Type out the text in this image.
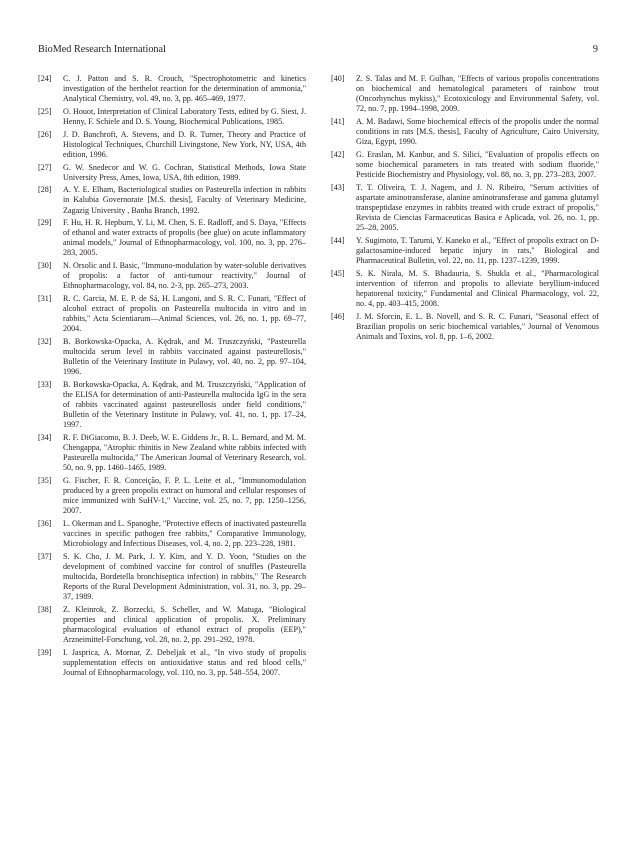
BioMed Research International	9
[24] C. J. Patton and S. R. Crouch, "Spectrophotometric and kinetics investigation of the berthelot reaction for the determination of ammonia," Analytical Chemistry, vol. 49, no. 3, pp. 465–469, 1977.
[25] O. Houot, Interpretation of Clinical Laboratory Tests, edited by G. Siest, J. Henny, F. Schiele and D. S. Young, Biochemical Publications, 1985.
[26] J. D. Banchroft, A. Stevens, and D. R. Turner, Theory and Practice of Histological Techniques, Churchill Livingstone, New York, NY, USA, 4th edition, 1996.
[27] G. W. Snedecor and W. G. Cochran, Statistical Methods, Iowa State University Press, Ames, Iowa, USA, 8th edition, 1989.
[28] A. Y. E. Elham, Bacteriological studies on Pasteurella infection in rabbits in Kalubia Governorate [M.S. thesis], Faculty of Veterinary Medicine, Zagazig University , Banha Branch, 1992.
[29] F. Hu, H. R. Hepburn, Y. Li, M. Chen, S. E. Radloff, and S. Daya, "Effects of ethanol and water extracts of propolis (bee glue) on acute inflammatory animal models," Journal of Ethnopharmacology, vol. 100, no. 3, pp. 276–283, 2005.
[30] N. Orsolic and I. Basic, "Immuno-modulation by water-soluble derivatives of propolis: a factor of anti-tumour reactivity," Journal of Ethnopharmacology, vol. 84, no. 2-3, pp. 265–273, 2003.
[31] R. C. Garcia, M. E. P. de Sá, H. Langoni, and S. R. C. Funari, "Effect of alcohol extract of propolis on Pasteurella multocida in vitro and in rabbits," Acta Scientiarum—Animal Sciences, vol. 26, no. 1, pp. 69–77, 2004.
[32] B. Borkowska-Opacka, A. Kędrak, and M. Truszczyński, "Pasteurella multocida serum level in rabbits vaccinated against pasteurellosis," Bulletin of the Veterinary Institute in Pulawy, vol. 40, no. 2, pp. 97–104, 1996.
[33] B. Borkowska-Opacka, A. Kędrak, and M. Truszczyński, "Application of the ELISA for determination of anti-Pasteurella multocida IgG in the sera of rabbits vaccinated against pasteurellosis under field conditions," Bulletin of the Veterinary Institute in Pulawy, vol. 41, no. 1, pp. 17–24, 1997.
[34] R. F. DiGiacomo, B. J. Deeb, W. E. Giddens Jr., B. L. Bernard, and M. M. Chengappa, "Atrophic rhinitis in New Zealand white rabbits infected with Pasteurella multocida," The American Journal of Veterinary Research, vol. 50, no. 9, pp. 1460–1465, 1989.
[35] G. Fischer, F. R. Conceição, F. P. L. Leite et al., "Immunomodulation produced by a green propolis extract on humoral and cellular responses of mice immunized with SuHV-1," Vaccine, vol. 25, no. 7, pp. 1250–1256, 2007.
[36] L. Okerman and L. Spanoghe, "Protective effects of inactivated pasteurella vaccines in specific pathogen free rabbits," Comparative Immunology, Microbiology and Infectious Diseases, vol. 4, no. 2, pp. 223–228, 1981.
[37] S. K. Cho, J. M. Park, J. Y. Kim, and Y. D. Yoon, "Studies on the development of combined vaccine for control of snuffles (Pasteurella multocida, Bordetella bronchiseptica infection) in rabbits," The Research Reports of the Rural Development Administration, vol. 31, no. 3, pp. 29–37, 1989.
[38] Z. Kleinrok, Z. Borzecki, S. Scheller, and W. Matuga, "Biological properties and clinical application of propolis. X. Preliminary pharmacological evaluation of ethanol extract of propolis (EEP)," Arzneimittel-Forschung, vol. 28, no. 2, pp. 291–292, 1978.
[39] I. Jasprica, A. Mornar, Z. Debeljak et al., "In vivo study of propolis supplementation effects on antioxidative status and red blood cells," Journal of Ethnopharmacology, vol. 110, no. 3, pp. 548–554, 2007.
[40] Z. S. Talas and M. F. Gulhan, "Effects of various propolis concentrations on biochemical and hematological parameters of rainbow trout (Oncorhynchus mykiss)," Ecotoxicology and Environmental Safety, vol. 72, no. 7, pp. 1994–1998, 2009.
[41] A. M. Badawi, Some biochemical effects of the propolis under the normal conditions in rats [M.S. thesis], Faculty of Agriculture, Cairo University, Giza, Egypt, 1990.
[42] G. Eraslan, M. Kanbur, and S. Silici, "Evaluation of propolis effects on some biochemical parameters in rats treated with sodium fluoride," Pesticide Biochemistry and Physiology, vol. 88, no. 3, pp. 273–283, 2007.
[43] T. T. Oliveira, T. J. Nagem, and J. N. Ribeiro, "Serum activities of aspartate aminotransferase, alanine aminotransferase and gamma glutamyl transpeptidase enzymes in rabbits treated with crude extract of propolis," Revista de Ciencias Farmaceuticas Basica e Aplicada, vol. 26, no. 1, pp. 25–28, 2005.
[44] Y. Sugimoto, T. Tarumi, Y. Kaneko et al., "Effect of propolis extract on D-galactosamine-induced hepatic injury in rats," Biological and Pharmaceutical Bulletin, vol. 22, no. 11, pp. 1237–1239, 1999.
[45] S. K. Nirala, M. S. Bhadauria, S. Shukla et al., "Pharmacological intervention of tiferron and propolis to alleviate beryllium-induced hepatorenal toxicity," Fundamental and Clinical Pharmacology, vol. 22, no. 4, pp. 403–415, 2008.
[46] J. M. Sforcin, E. L. B. Novell, and S. R. C. Funari, "Seasonal effect of Brazilian propolis on seric biochemical variables," Journal of Venomous Animals and Toxins, vol. 8, pp. 1–6, 2002.
